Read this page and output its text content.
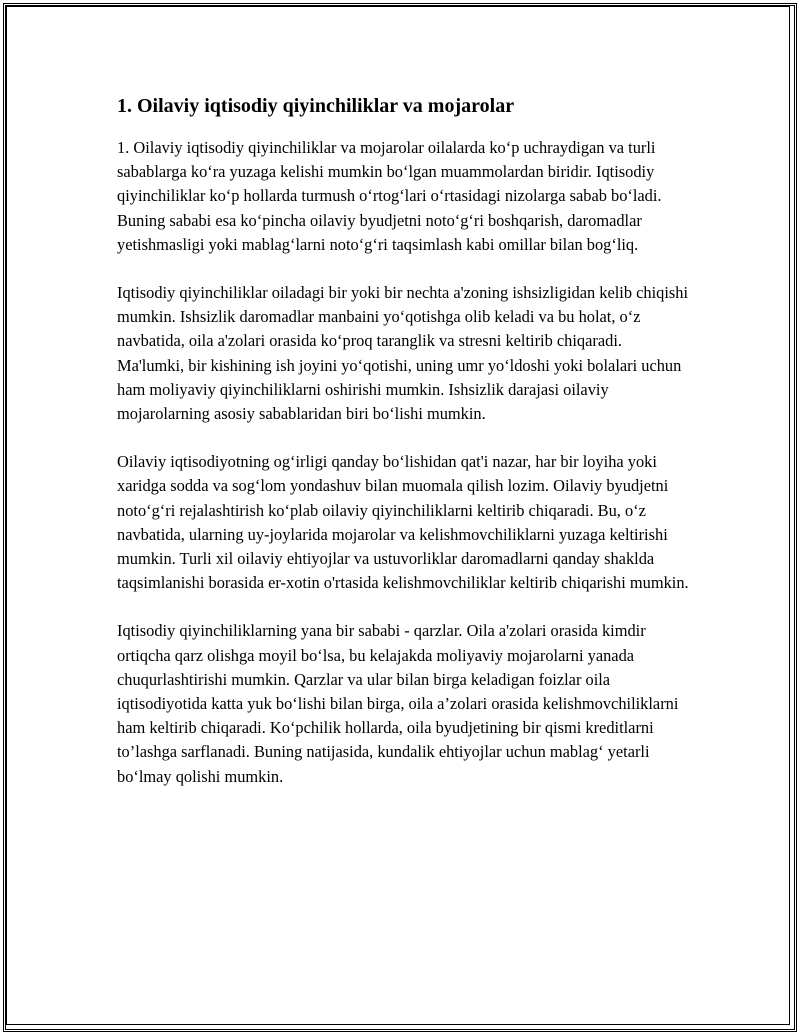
1. Oilaviy iqtisodiy qiyinchiliklar va mojarolar

1. Oilaviy iqtisodiy qiyinchiliklar va mojarolar oilalarda koʻp uchraydigan va turli sabablarga koʻra yuzaga kelishi mumkin boʻlgan muammolardan biridir. Iqtisodiy qiyinchiliklar koʻp hollarda turmush oʻrtogʻlari oʻrtasidagi nizolarga sabab boʻladi. Buning sababi esa koʻpincha oilaviy byudjetni notoʻgʻri boshqarish, daromadlar yetishmasligi yoki mablagʻlarni notoʻgʻri taqsimlash kabi omillar bilan bogʻliq.

Iqtisodiy qiyinchiliklar oiladagi bir yoki bir nechta a'zoning ishsizligidan kelib chiqishi mumkin. Ishsizlik daromadlar manbaini yoʻqotishga olib keladi va bu holat, oʻz navbatida, oila a'zolari orasida koʻproq taranglik va stresni keltirib chiqaradi. Ma'lumki, bir kishining ish joyini yoʻqotishi, uning umr yoʻldoshi yoki bolalari uchun ham moliyaviy qiyinchiliklarni oshirishi mumkin. Ishsizlik darajasi oilaviy mojarolarning asosiy sabablaridan biri boʻlishi mumkin.

Oilaviy iqtisodiyotning ogʻirligi qanday boʻlishidan qat'i nazar, har bir loyiha yoki xaridga sodda va sogʻlom yondashuv bilan muomala qilish lozim. Oilaviy byudjetni notoʻgʻri rejalashtirish koʻplab oilaviy qiyinchiliklarni keltirib chiqaradi. Bu, oʻz navbatida, ularning uy-joylarida mojarolar va kelishmovchiliklarni yuzaga keltirishi mumkin. Turli xil oilaviy ehtiyojlar va ustuvorliklar daromadlarni qanday shaklda taqsimlanishi borasida er-xotin o'rtasida kelishmovchiliklar keltirib chiqarishi mumkin.

Iqtisodiy qiyinchiliklarning yana bir sababi - qarzlar. Oila a'zolari orasida kimdir ortiqcha qarz olishga moyil boʻlsa, bu kelajakda moliyaviy mojarolarni yanada chuqurlashtirishi mumkin. Qarzlar va ular bilan birga keladigan foizlar oila iqtisodiyotida katta yuk boʻlishi bilan birga, oila a’zolari orasida kelishmovchiliklarni ham keltirib chiqaradi. Koʻpchilik hollarda, oila byudjetining bir qismi kreditlarni to’lashga sarflanadi. Buning natijasida, kundalik ehtiyojlar uchun mablagʻ yetarli boʻlmay qolishi mumkin.
